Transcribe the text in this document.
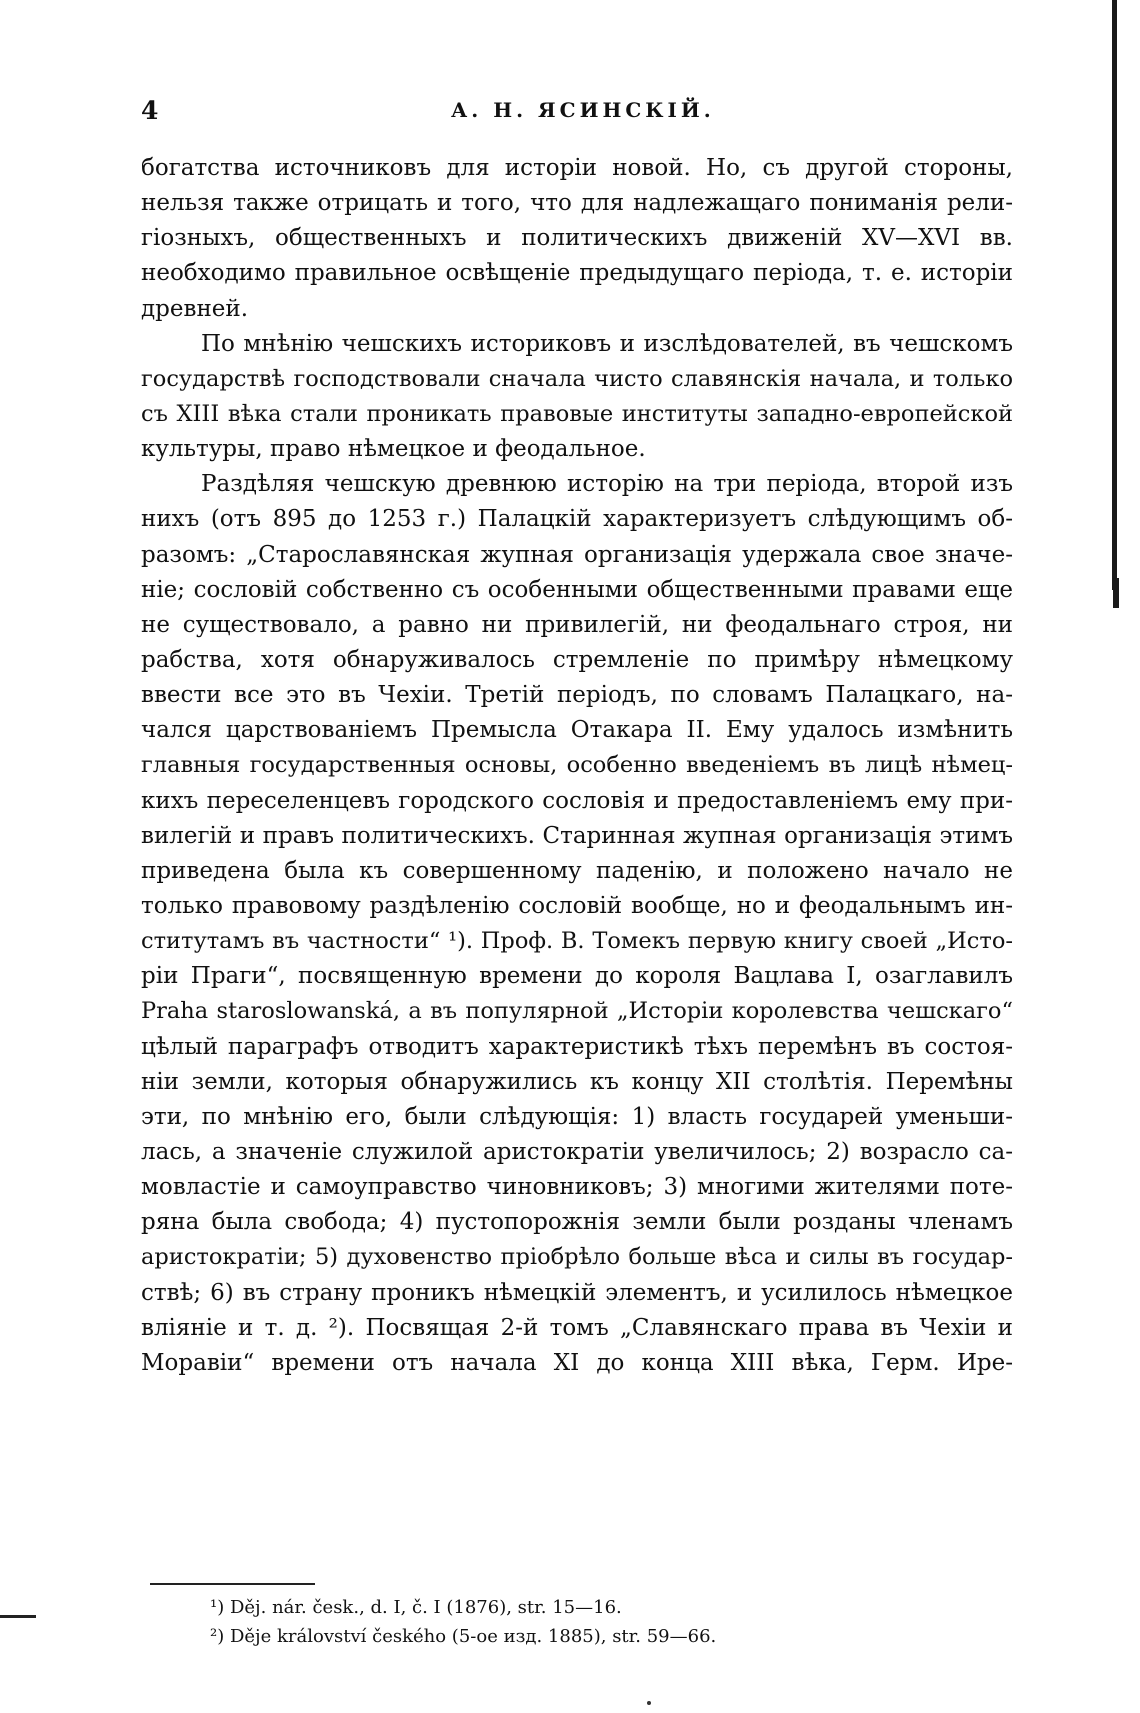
4	А. Н. ЯСИНСКІЙ.
богатства источниковъ для исторіи новой. Но, съ другой стороны,
нельзя также отрицать и того, что для надлежащаго пониманія рели-
гіозныхъ, общественныхъ и политическихъ движеній XV—XVI вв.
необходимо правильное освѣщеніе предыдущаго періода, т. е. исторіи
древней.
По мнѣнію чешскихъ историковъ и изслѣдователей, въ чешскомъ
государствѣ господствовали сначала чисто славянскія начала, и только
съ XIII вѣка стали проникать правовые институты западно-европейской
культуры, право нѣмецкое и феодальное.
Раздѣляя чешскую древнюю исторію на три періода, второй изъ
нихъ (отъ 895 до 1253 г.) Палацкій характеризуетъ слѣдующимъ об-
разомъ: „Старославянская жупная организація удержала свое значе-
ніе; сословій собственно съ особенными общественными правами еще
не существовало, а равно ни привилегій, ни феодальнаго строя, ни
рабства, хотя обнаруживалось стремленіе по примѣру нѣмецкому
ввести все это въ Чехіи. Третій періодъ, по словамъ Палацкаго, на-
чался царствованіемъ Премысла Отакара II. Ему удалось измѣнить
главныя государственныя основы, особенно введеніемъ въ лицѣ нѣмец-
кихъ переселенцевъ городского сословія и предоставленіемъ ему при-
вилегій и правъ политическихъ. Старинная жупная организація этимъ
приведена была къ совершенному паденію, и положено начало не
только правовому раздѣленію сословій вообще, но и феодальнымъ ин-
ститутамъ въ частности“ ¹). Проф. В. Томекъ первую книгу своей „Исто-
ріи Праги“, посвященную времени до короля Вацлава I, озаглавилъ
Praha staroslowanská, а въ популярной „Исторіи королевства чешскаго“
цѣлый параграфъ отводитъ характеристикѣ тѣхъ перемѣнъ въ состоя-
ніи земли, которыя обнаружились къ концу XII столѣтія. Перемѣны
эти, по мнѣнію его, были слѣдующія: 1) власть государей уменьши-
лась, а значеніе служилой аристократіи увеличилось; 2) возрасло са-
мовластіе и самоуправство чиновниковъ; 3) многими жителями поте-
ряна была свобода; 4) пустопорожнія земли были розданы членамъ
аристократіи; 5) духовенство пріобрѣло больше вѣса и силы въ государ-
ствѣ; 6) въ страну проникъ нѣмецкій элементъ, и усилилось нѣмецкое
вліяніе и т. д. ²). Посвящая 2-й томъ „Славянскаго права въ Чехіи и
Моравіи“ времени отъ начала XI до конца XIII вѣка, Герм. Ире-
¹) Děj. nár. česk., d. I, č. I (1876), str. 15—16.
²) Dějе království českého (5-ое изд. 1885), str. 59—66.
